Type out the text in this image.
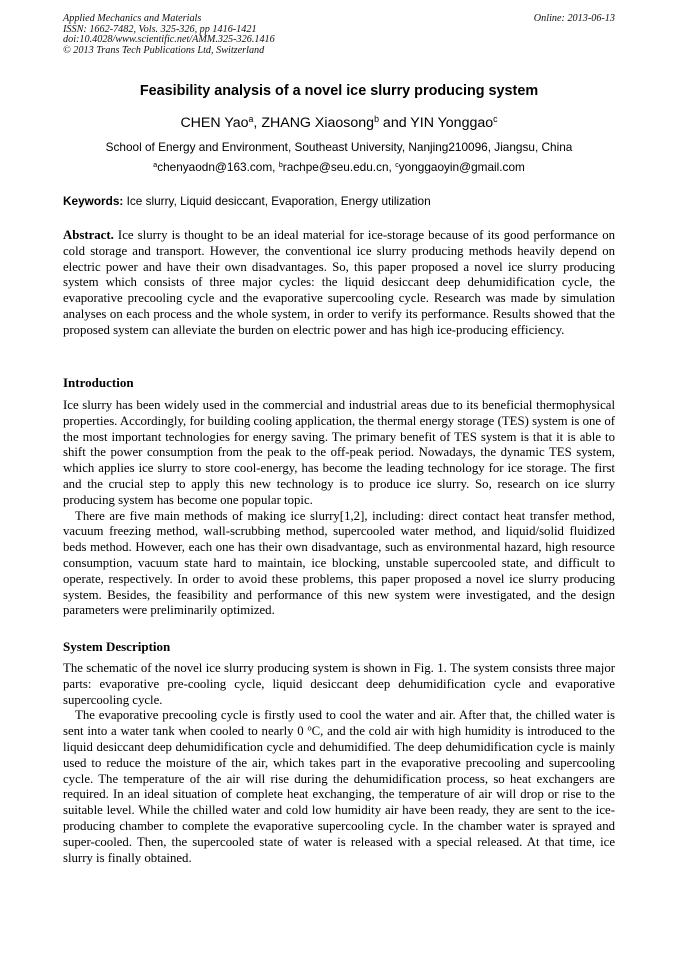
Applied Mechanics and Materials
ISSN: 1662-7482, Vols. 325-326, pp 1416-1421
doi:10.4028/www.scientific.net/AMM.325-326.1416
© 2013 Trans Tech Publications Ltd, Switzerland
Online: 2013-06-13
Feasibility analysis of a novel ice slurry producing system
CHEN Yao$^a$, ZHANG Xiaosong$^b$ and YIN Yonggao$^c$
School of Energy and Environment, Southeast University, Nanjing210096, Jiangsu, China
$^a$chenyaodn@163.com, $^b$rachpe@seu.edu.cn, $^c$yonggaoyin@gmail.com
Keywords: Ice slurry, Liquid desiccant, Evaporation, Energy utilization

Abstract. Ice slurry is thought to be an ideal material for ice-storage because of its good performance on cold storage and transport. However, the conventional ice slurry producing methods heavily depend on electric power and have their own disadvantages. So, this paper proposed a novel ice slurry producing system which consists of three major cycles: the liquid desiccant deep dehumidification cycle, the evaporative precooling cycle and the evaporative supercooling cycle. Research was made by simulation analyses on each process and the whole system, in order to verify its performance. Results showed that the proposed system can alleviate the burden on electric power and has high ice-producing efficiency.

Introduction

Ice slurry has been widely used in the commercial and industrial areas due to its beneficial thermophysical properties. Accordingly, for building cooling application, the thermal energy storage (TES) system is one of the most important technologies for energy saving. The primary benefit of TES system is that it is able to shift the power consumption from the peak to the off-peak period. Nowadays, the dynamic TES system, which applies ice slurry to store cool-energy, has become the leading technology for ice storage. The first and the crucial step to apply this new technology is to produce ice slurry. So, research on ice slurry producing system has become one popular topic.

There are five main methods of making ice slurry[1,2], including: direct contact heat transfer method, vacuum freezing method, wall-scrubbing method, supercooled water method, and liquid/solid fluidized beds method. However, each one has their own disadvantage, such as environmental hazard, high resource consumption, vacuum state hard to maintain, ice blocking, unstable supercooled state, and difficult to operate, respectively. In order to avoid these problems, this paper proposed a novel ice slurry producing system. Besides, the feasibility and performance of this new system were investigated, and the design parameters were preliminarily optimized.

System Description

The schematic of the novel ice slurry producing system is shown in Fig. 1. The system consists three major parts: evaporative pre-cooling cycle, liquid desiccant deep dehumidification cycle and evaporative supercooling cycle.

The evaporative precooling cycle is firstly used to cool the water and air. After that, the chilled water is sent into a water tank when cooled to nearly 0 $^o$C, and the cold air with high humidity is introduced to the liquid desiccant deep dehumidification cycle and dehumidified. The deep dehumidification cycle is mainly used to reduce the moisture of the air, which takes part in the evaporative precooling and supercooling cycle. The temperature of the air will rise during the dehumidification process, so heat exchangers are required. In an ideal situation of complete heat exchanging, the temperature of air will drop or rise to the suitable level. While the chilled water and cold low humidity air have been ready, they are sent to the ice-producing chamber to complete the evaporative supercooling cycle. In the chamber water is sprayed and super-cooled. Then, the supercooled state of water is released with a special released. At that time, ice slurry is finally obtained.
